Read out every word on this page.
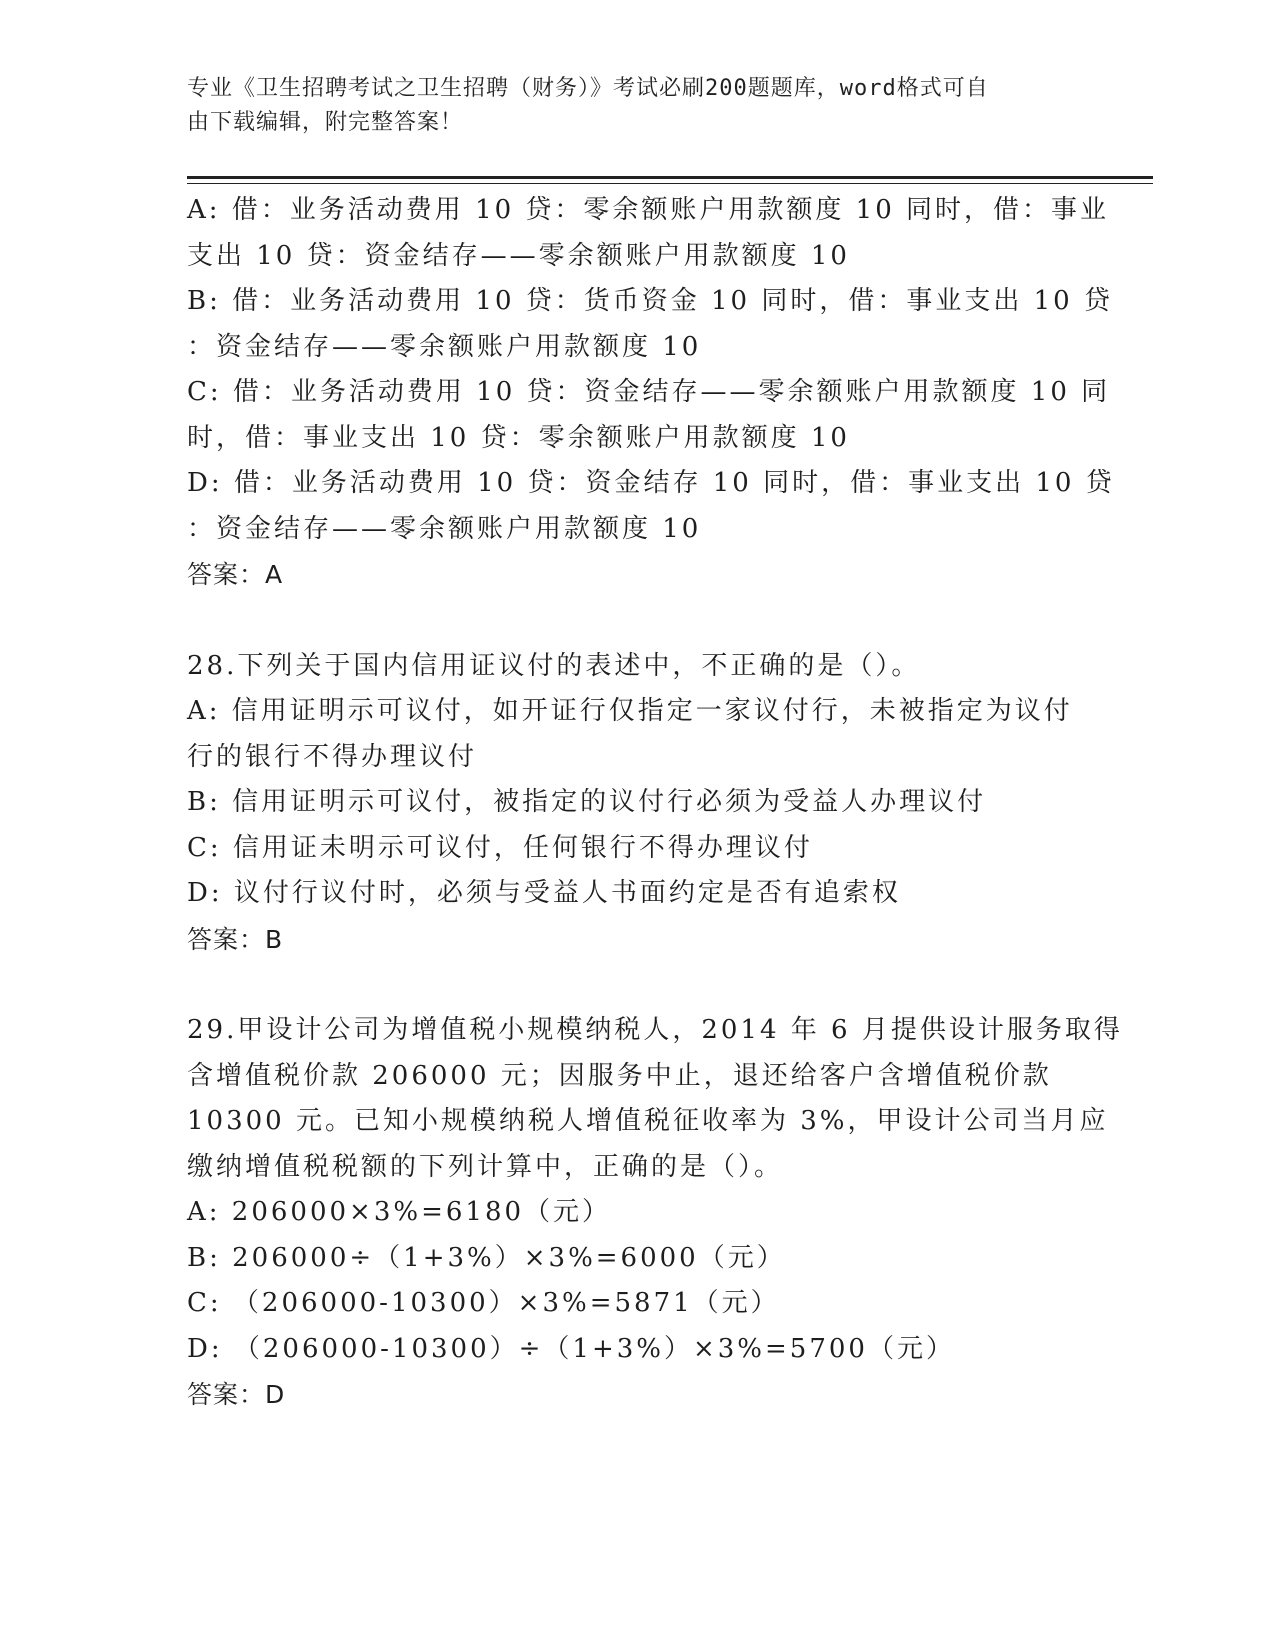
专业《卫生招聘考试之卫生招聘（财务）》考试必刷200题题库，word格式可自
由下载编辑，附完整答案！
A: 借：业务活动费用 10 贷：零余额账户用款额度 10 同时，借：事业
支出 10 贷：资金结存——零余额账户用款额度 10
B: 借：业务活动费用 10 贷：货币资金 10 同时，借：事业支出 10 贷
：资金结存——零余额账户用款额度 10
C: 借：业务活动费用 10 贷：资金结存——零余额账户用款额度 10 同
时，借：事业支出 10 贷：零余额账户用款额度 10
D: 借：业务活动费用 10 贷：资金结存 10 同时，借：事业支出 10 贷
：资金结存——零余额账户用款额度 10
答案：A
28.下列关于国内信用证议付的表述中，不正确的是（）。
A: 信用证明示可议付，如开证行仅指定一家议付行，未被指定为议付
行的银行不得办理议付
B: 信用证明示可议付，被指定的议付行必须为受益人办理议付
C: 信用证未明示可议付，任何银行不得办理议付
D: 议付行议付时，必须与受益人书面约定是否有追索权
答案：B
29.甲设计公司为增值税小规模纳税人，2014 年 6 月提供设计服务取得
含增值税价款 206000 元；因服务中止，退还给客户含增值税价款
10300 元。已知小规模纳税人增值税征收率为 3%，甲设计公司当月应
缴纳增值税税额的下列计算中，正确的是（）。
A: 206000×3%=6180（元）
B: 206000÷（1+3%）×3%=6000（元）
C: （206000-10300）×3%=5871（元）
D: （206000-10300）÷（1+3%）×3%=5700（元）
答案：D
